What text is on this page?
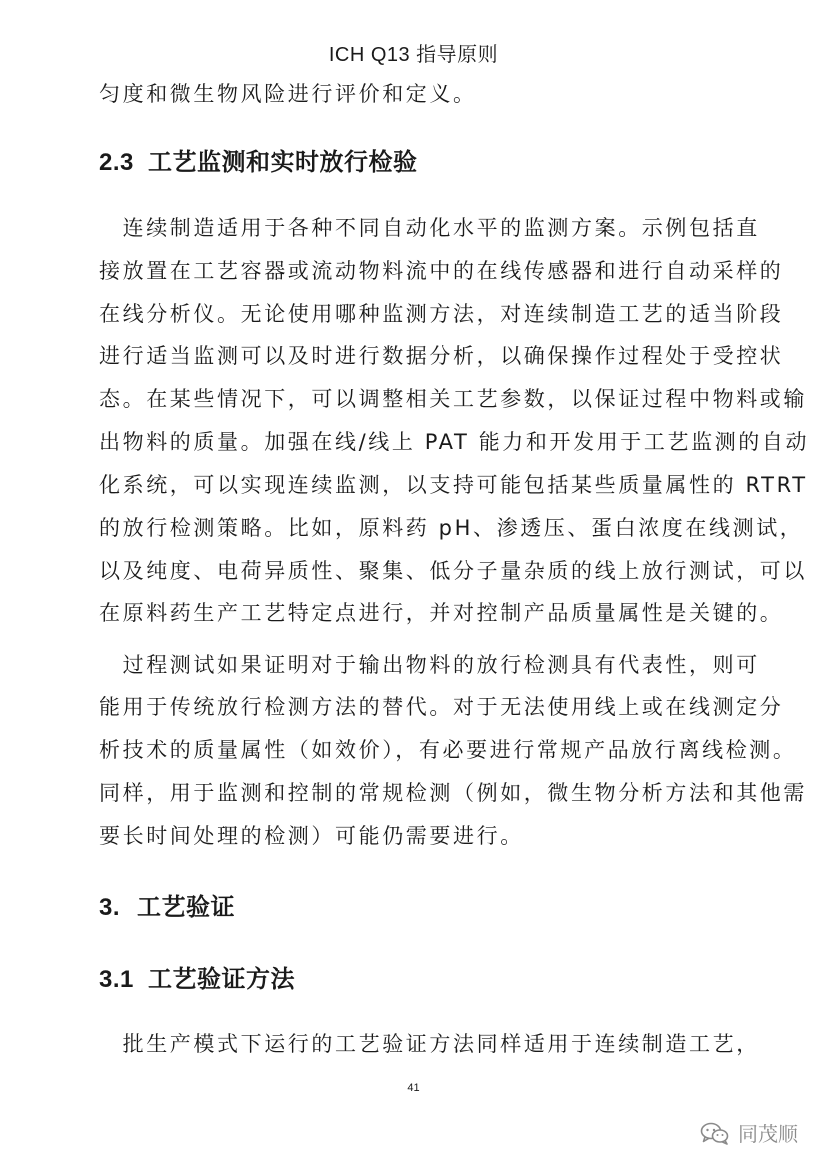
ICH Q13 指导原则
匀度和微生物风险进行评价和定义。
2.3 工艺监测和实时放行检验
　连续制造适用于各种不同自动化水平的监测方案。示例包括直
接放置在工艺容器或流动物料流中的在线传感器和进行自动采样的
在线分析仪。无论使用哪种监测方法，对连续制造工艺的适当阶段
进行适当监测可以及时进行数据分析，以确保操作过程处于受控状
态。在某些情况下，可以调整相关工艺参数，以保证过程中物料或输
出物料的质量。加强在线/线上 PAT 能力和开发用于工艺监测的自动
化系统，可以实现连续监测，以支持可能包括某些质量属性的 RTRT
的放行检测策略。比如，原料药 pH、渗透压、蛋白浓度在线测试，
以及纯度、电荷异质性、聚集、低分子量杂质的线上放行测试，可以
在原料药生产工艺特定点进行，并对控制产品质量属性是关键的。
　过程测试如果证明对于输出物料的放行检测具有代表性，则可
能用于传统放行检测方法的替代。对于无法使用线上或在线测定分
析技术的质量属性（如效价），有必要进行常规产品放行离线检测。
同样，用于监测和控制的常规检测（例如，微生物分析方法和其他需
要长时间处理的检测）可能仍需要进行。
3. 工艺验证
3.1 工艺验证方法
　批生产模式下运行的工艺验证方法同样适用于连续制造工艺，
41
同茂顺
